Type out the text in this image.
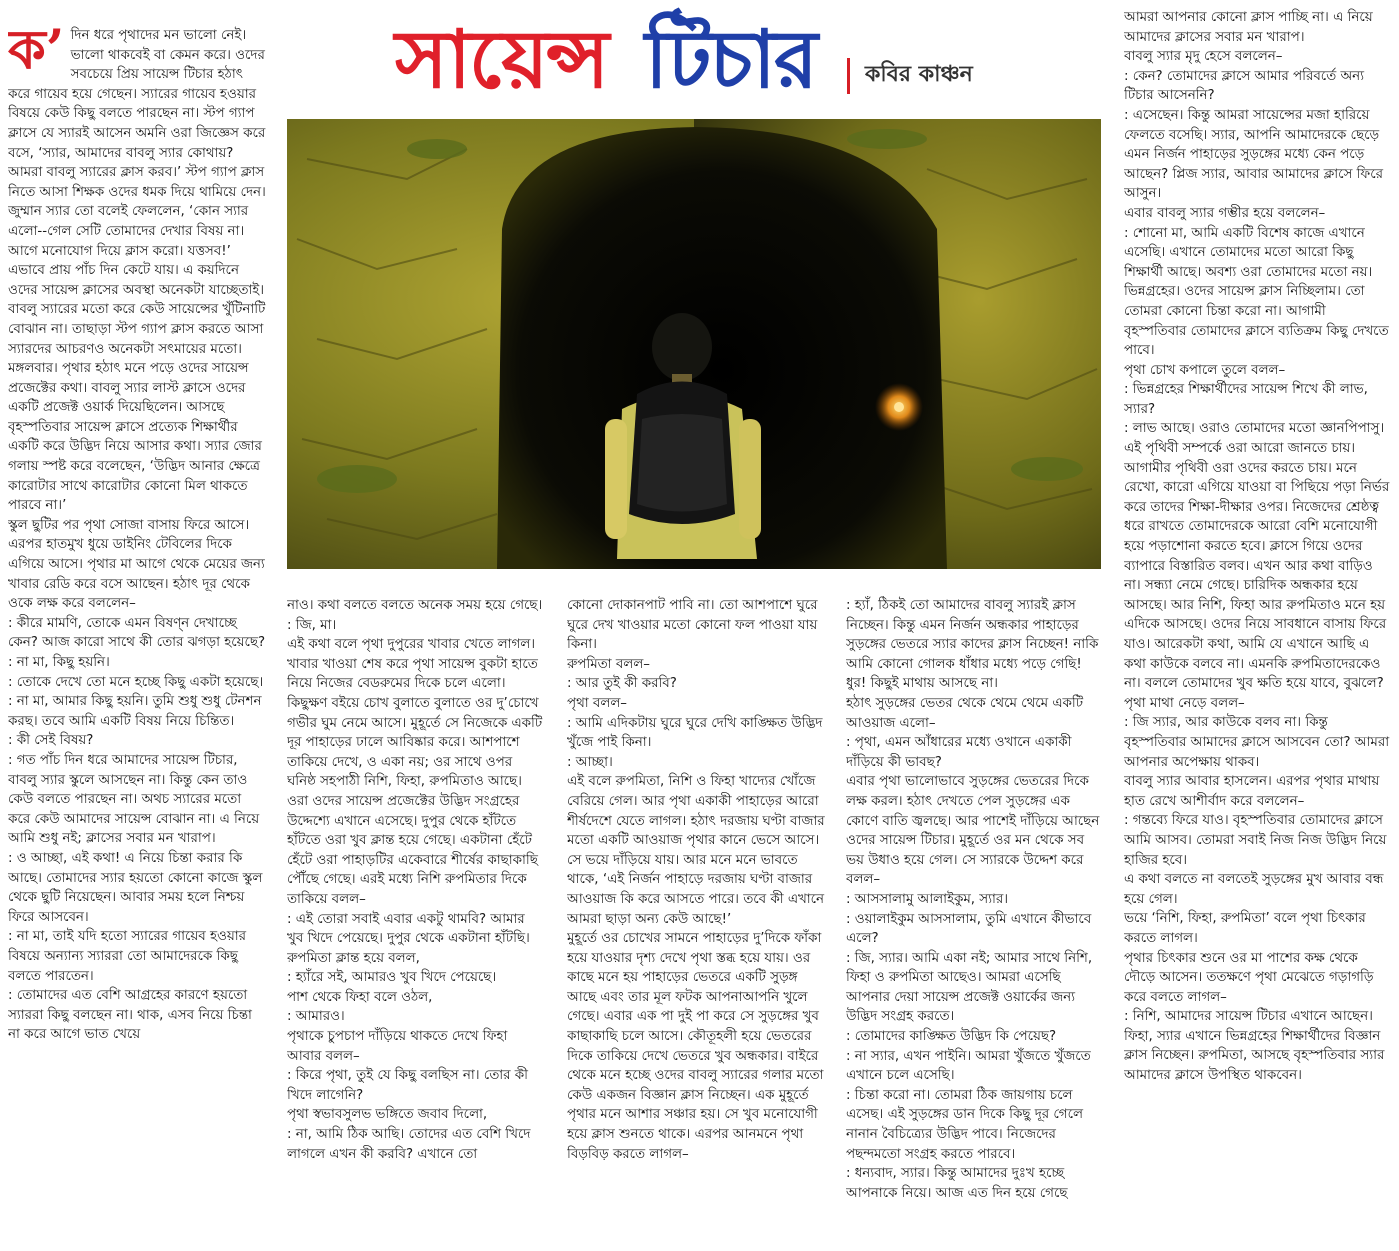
সায়েন্স টিচার কবির কাঞ্চন
ক’ দিন ধরে পৃথাদের মন ভালো নেই। ভালো থাকবেই বা কেমন করে। ওদের সবচেয়ে প্রিয় সায়েন্স টিচার হঠাৎ করে গায়েব হয়ে গেছেন। স্যারের গায়েব হওয়ার বিষয়ে কেউ কিছু বলতে পারছেন না। স্টপ গ্যাপ ক্লাসে যে স্যারই আসেন অমনি ওরা জিজ্ঞেস করে বসে, ‘স্যার, আমাদের বাবলু স্যার কোথায়? আমরা বাবলু স্যারের ক্লাস করব।’ স্টপ গ্যাপ ক্লাস নিতে আসা শিক্ষক ওদের ধমক দিয়ে থামিয়ে দেন। জুম্মান স্যার তো বলেই ফেললেন, ‘কোন স্যার এলো--গেল সেটি তোমাদের দেখার বিষয় না। আগে মনোযোগ দিয়ে ক্লাস করো। যত্তসব!’ এভাবে প্রায় পাঁচ দিন কেটে যায়। এ কয়দিনে ওদের সায়েন্স ক্লাসের অবস্থা অনেকটা যাচ্ছেতাই। বাবলু স্যারের মতো করে কেউ সায়েন্সের খুঁটিনাটি বোঝান না। তাছাড়া স্টপ গ্যাপ ক্লাস করতে আসা স্যারদের আচরণও অনেকটা সৎমায়ের মতো।
মঙ্গলবার। পৃথার হঠাৎ মনে পড়ে ওদের সায়েন্স প্রজেক্টের কথা। বাবলু স্যার লাস্ট ক্লাসে ওদের একটি প্রজেক্ট ওয়ার্ক দিয়েছিলেন। আসছে বৃহস্পতিবার সায়েন্স ক্লাসে প্রত্যেক শিক্ষার্থীর একটি করে উদ্ভিদ নিয়ে আসার কথা। স্যার জোর গলায় স্পষ্ট করে বলেছেন, ‘উদ্ভিদ আনার ক্ষেত্রে কারোটার সাথে কারোটার কোনো মিল থাকতে পারবে না।’
স্কুল ছুটির পর পৃথা সোজা বাসায় ফিরে আসে। এরপর হাতমুখ ধুয়ে ডাইনিং টেবিলের দিকে এগিয়ে আসে। পৃথার মা আগে থেকে মেয়ের জন্য খাবার রেডি করে বসে আছেন। হঠাৎ দূর থেকে ওকে লক্ষ করে বললেন–
: কীরে মামণি, তোকে এমন বিষণ্ন দেখাচ্ছে কেন? আজ কারো সাথে কী তোর ঝগড়া হয়েছে?
: না মা, কিছু হয়নি।
: তোকে দেখে তো মনে হচ্ছে কিছু একটা হয়েছে।
: না মা, আমার কিছু হয়নি। তুমি শুধু শুধু টেনশন করছ। তবে আমি একটি বিষয় নিয়ে চিন্তিত।
: কী সেই বিষয়?
: গত পাঁচ দিন ধরে আমাদের সায়েন্স টিচার, বাবলু স্যার স্কুলে আসছেন না। কিন্তু কেন তাও কেউ বলতে পারছেন না। অথচ স্যারের মতো করে কেউ আমাদের সায়েন্স বোঝান না। এ নিয়ে আমি শুধু নই; ক্লাসের সবার মন খারাপ।
: ও আচ্ছা, এই কথা! এ নিয়ে চিন্তা করার কি আছে। তোমাদের স্যার হয়তো কোনো কাজে স্কুল থেকে ছুটি নিয়েছেন। আবার সময় হলে নিশ্চয় ফিরে আসবেন।
: না মা, তাই যদি হতো স্যারের গায়েব হওয়ার বিষয়ে অন্যান্য স্যাররা তো আমাদেরকে কিছু বলতে পারতেন।
: তোমাদের এত বেশি আগ্রহের কারণে হয়তো স্যাররা কিছু বলছেন না। থাক, এসব নিয়ে চিন্তা না করে আগে ভাত খেয়ে
নাও। কথা বলতে বলতে অনেক সময় হয়ে গেছে।
: জি, মা।
এই কথা বলে পৃথা দুপুরের খাবার খেতে লাগল। খাবার খাওয়া শেষ করে পৃথা সায়েন্স বুকটা হাতে নিয়ে নিজের বেডরুমের দিকে চলে এলো। কিছুক্ষণ বইয়ে চোখ বুলাতে বুলাতে ওর দু’চোখে গভীর ঘুম নেমে আসে। মুহূর্তে সে নিজেকে একটি দূর পাহাড়ের ঢালে আবিষ্কার করে। আশপাশে তাকিয়ে দেখে, ও একা নয়; ওর সাথে ওপর ঘনিষ্ঠ সহপাঠী নিশি, ফিহা, রুপমিতাও আছে। ওরা ওদের সায়েন্স প্রজেক্টের উদ্ভিদ সংগ্রহের উদ্দেশ্যে এখানে এসেছে। দুপুর থেকে হাঁটতে হাঁটতে ওরা খুব ক্লান্ত হয়ে গেছে। একটানা হেঁটে হেঁটে ওরা পাহাড়টির একেবারে শীর্ষের কাছাকাছি পৌঁছে গেছে। এরই মধ্যে নিশি রুপমিতার দিকে তাকিয়ে বলল–
: এই তোরা সবাই এবার একটু থামবি? আমার খুব খিদে পেয়েছে। দুপুর থেকে একটানা হাঁটছি।
রুপমিতা ক্লান্ত হয়ে বলল,
: হ্যাঁরে সই, আমারও খুব খিদে পেয়েছে।
পাশ থেকে ফিহা বলে ওঠল,
: আমারও।
পৃথাকে চুপচাপ দাঁড়িয়ে থাকতে দেখে ফিহা আবার বলল–
: কিরে পৃথা, তুই যে কিছু বলছিস না। তোর কী খিদে লাগেনি?
পৃথা স্বভাবসুলভ ভঙ্গিতে জবাব দিলো,
: না, আমি ঠিক আছি। তোদের এত বেশি খিদে লাগলে এখন কী করবি? এখানে তো
কোনো দোকানপাট পাবি না। তো আশপাশে ঘুরে ঘুরে দেখ খাওয়ার মতো কোনো ফল পাওয়া যায় কিনা।
রুপমিতা বলল–
: আর তুই কী করবি?
পৃথা বলল–
: আমি এদিকটায় ঘুরে ঘুরে দেখি কাঙ্ক্ষিত উদ্ভিদ খুঁজে পাই কিনা।
: আচ্ছা।
এই বলে রুপমিতা, নিশি ও ফিহা খাদ্যের খোঁজে বেরিয়ে গেল। আর পৃথা একাকী পাহাড়ের আরো শীর্ষদেশে যেতে লাগল। হঠাৎ দরজায় ঘণ্টা বাজার মতো একটি আওয়াজ পৃথার কানে ভেসে আসে। সে ভয়ে দাঁড়িয়ে যায়। আর মনে মনে ভাবতে থাকে, ‘এই নির্জন পাহাড়ে দরজায় ঘণ্টা বাজার আওয়াজ কি করে আসতে পারে। তবে কী এখানে আমরা ছাড়া অন্য কেউ আছে!’
মুহূর্তে ওর চোখের সামনে পাহাড়ের দু’দিকে ফাঁকা হয়ে যাওয়ার দৃশ্য দেখে পৃথা স্তব্ধ হয়ে যায়। ওর কাছে মনে হয় পাহাড়ের ভেতরে একটি সুড়ঙ্গ আছে এবং তার মূল ফটক আপনাআপনি খুলে গেছে। এবার এক পা দুই পা করে সে সুড়ঙ্গের খুব কাছাকাছি চলে আসে। কৌতূহলী হয়ে ভেতরের দিকে তাকিয়ে দেখে ভেতরে খুব অন্ধকার। বাইরে থেকে মনে হচ্ছে ওদের বাবলু স্যারের গলার মতো কেউ একজন বিজ্ঞান ক্লাস নিচ্ছেন। এক মুহূর্তে পৃথার মনে আশার সঞ্চার হয়। সে খুব মনোযোগী হয়ে ক্লাস শুনতে থাকে। এরপর আনমনে পৃথা বিড়বিড় করতে লাগল–
: হ্যাঁ, ঠিকই তো আমাদের বাবলু স্যারই ক্লাস নিচ্ছেন। কিন্তু এমন নির্জন অন্ধকার পাহাড়ের সুড়ঙ্গের ভেতরে স্যার কাদের ক্লাস নিচ্ছেন! নাকি আমি কোনো গোলক ধাঁধার মধ্যে পড়ে গেছি! ধুর! কিছুই মাথায় আসছে না।
হঠাৎ সুড়ঙ্গের ভেতর থেকে থেমে থেমে একটি আওয়াজ এলো–
: পৃথা, এমন আঁধারের মধ্যে ওখানে একাকী দাঁড়িয়ে কী ভাবছ?
এবার পৃথা ভালোভাবে সুড়ঙ্গের ভেতরের দিকে লক্ষ করল। হঠাৎ দেখতে পেল সুড়ঙ্গের এক কোণে বাতি জ্বলছে। আর পাশেই দাঁড়িয়ে আছেন ওদের সায়েন্স টিচার। মুহূর্তে ওর মন থেকে সব ভয় উধাও হয়ে গেল। সে স্যারকে উদ্দেশ করে বলল–
: আসসালামু আলাইকুম, স্যার।
: ওয়ালাইকুম আসসালাম, তুমি এখানে কীভাবে এলে?
: জি, স্যার। আমি একা নই; আমার সাথে নিশি, ফিহা ও রুপমিতা আছেও। আমরা এসেছি আপনার দেয়া সায়েন্স প্রজেক্ট ওয়ার্কের জন্য উদ্ভিদ সংগ্রহ করতে।
: তোমাদের কাঙ্ক্ষিত উদ্ভিদ কি পেয়েছ?
: না স্যার, এখন পাইনি। আমরা খুঁজতে খুঁজতে এখানে চলে এসেছি।
: চিন্তা করো না। তোমরা ঠিক জায়গায় চলে এসেছ। এই সুড়ঙ্গের ডান দিকে কিছু দূর গেলে নানান বৈচিত্র্যের উদ্ভিদ পাবে। নিজেদের পছন্দমতো সংগ্রহ করতে পারবে।
: ধন্যবাদ, স্যার। কিন্তু আমাদের দুঃখ হচ্ছে আপনাকে নিয়ে। আজ এত দিন হয়ে গেছে
আমরা আপনার কোনো ক্লাস পাচ্ছি না। এ নিয়ে আমাদের ক্লাসের সবার মন খারাপ।
বাবলু স্যার মৃদু হেসে বললেন–
: কেন? তোমাদের ক্লাসে আমার পরিবর্তে অন্য টিচার আসেননি?
: এসেছেন। কিন্তু আমরা সায়েন্সের মজা হারিয়ে ফেলতে বসেছি। স্যার, আপনি আমাদেরকে ছেড়ে এমন নির্জন পাহাড়ের সুড়ঙ্গের মধ্যে কেন পড়ে আছেন? প্লিজ স্যার, আবার আমাদের ক্লাসে ফিরে আসুন।
এবার বাবলু স্যার গম্ভীর হয়ে বললেন–
: শোনো মা, আমি একটি বিশেষ কাজে এখানে এসেছি। এখানে তোমাদের মতো আরো কিছু শিক্ষার্থী আছে। অবশ্য ওরা তোমাদের মতো নয়। ভিন্নগ্রহের। ওদের সায়েন্স ক্লাস নিচ্ছিলাম। তো তোমরা কোনো চিন্তা করো না। আগামী বৃহস্পতিবার তোমাদের ক্লাসে ব্যতিক্রম কিছু দেখতে পাবে।
পৃথা চোখ কপালে তুলে বলল–
: ভিন্নগ্রহের শিক্ষার্থীদের সায়েন্স শিখে কী লাভ, স্যার?
: লাভ আছে। ওরাও তোমাদের মতো জ্ঞানপিপাসু। এই পৃথিবী সম্পর্কে ওরা আরো জানতে চায়। আগামীর পৃথিবী ওরা ওদের করতে চায়। মনে রেখো, কারো এগিয়ে যাওয়া বা পিছিয়ে পড়া নির্ভর করে তাদের শিক্ষা-দীক্ষার ওপর। নিজেদের শ্রেষ্ঠত্ব ধরে রাখতে তোমাদেরকে আরো বেশি মনোযোগী হয়ে পড়াশোনা করতে হবে। ক্লাসে গিয়ে ওদের ব্যাপারে বিস্তারিত বলব। এখন আর কথা বাড়িও না। সন্ধ্যা নেমে গেছে। চারিদিক অন্ধকার হয়ে আসছে। আর নিশি, ফিহা আর রুপমিতাও মনে হয় এদিকে আসছে। ওদের নিয়ে সাবধানে বাসায় ফিরে যাও। আরেকটা কথা, আমি যে এখানে আছি এ কথা কাউকে বলবে না। এমনকি রুপমিতাদেরকেও না। বললে তোমাদের খুব ক্ষতি হয়ে যাবে, বুঝলে?
পৃথা মাথা নেড়ে বলল–
: জি স্যার, আর কাউকে বলব না। কিন্তু বৃহস্পতিবার আমাদের ক্লাসে আসবেন তো? আমরা আপনার অপেক্ষায় থাকব।
বাবলু স্যার আবার হাসলেন। এরপর পৃথার মাথায় হাত রেখে আশীর্বাদ করে বললেন–
: গন্তব্যে ফিরে যাও। বৃহস্পতিবার তোমাদের ক্লাসে আমি আসব। তোমরা সবাই নিজ নিজ উদ্ভিদ নিয়ে হাজির হবে।
এ কথা বলতে না বলতেই সুড়ঙ্গের মুখ আবার বন্ধ হয়ে গেল।
ভয়ে ‘নিশি, ফিহা, রুপমিতা’ বলে পৃথা চিৎকার করতে লাগল।
পৃথার চিৎকার শুনে ওর মা পাশের কক্ষ থেকে দৌড়ে আসেন। ততক্ষণে পৃথা মেঝেতে গড়াগড়ি করে বলতে লাগল–
: নিশি, আমাদের সায়েন্স টিচার এখানে আছেন। ফিহা, স্যার এখানে ভিন্নগ্রহের শিক্ষার্থীদের বিজ্ঞান ক্লাস নিচ্ছেন। রুপমিতা, আসছে বৃহস্পতিবার স্যার আমাদের ক্লাসে উপস্থিত থাকবেন।
